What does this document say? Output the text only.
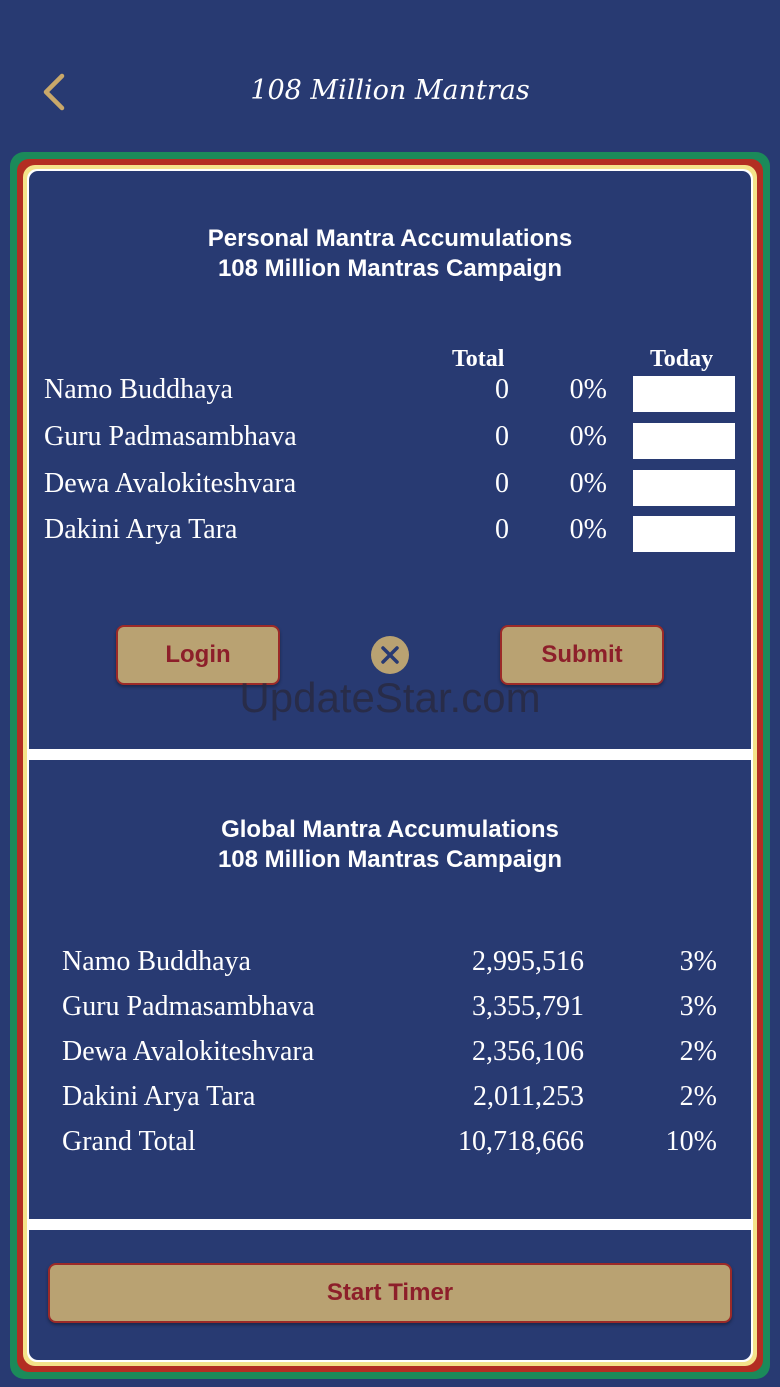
108 Million Mantras
Personal Mantra Accumulations
108 Million Mantras Campaign
Total	Today
Namo Buddhaya	0	0%
Guru Padmasambhava	0	0%
Dewa Avalokiteshvara	0	0%
Dakini Arya Tara	0	0%
Login	Submit
UpdateStar.com
Global Mantra Accumulations
108 Million Mantras Campaign
Namo Buddhaya	2,995,516	3%
Guru Padmasambhava	3,355,791	3%
Dewa Avalokiteshvara	2,356,106	2%
Dakini Arya Tara	2,011,253	2%
Grand Total	10,718,666	10%
Start Timer
